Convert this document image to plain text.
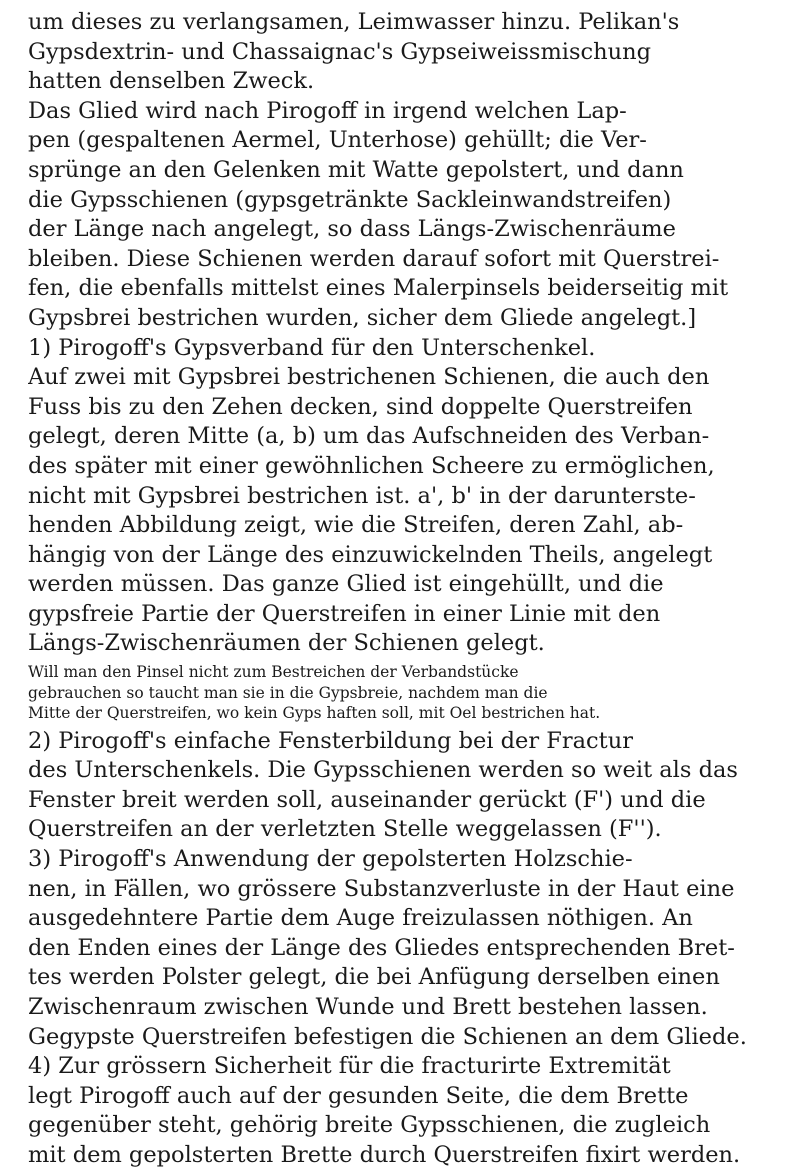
um dieses zu verlangsamen, Leimwasser hinzu. Pelikan's
Gypsdextrin- und Chassaignac's Gypseiweissmischung
hatten denselben Zweck.
Das Glied wird nach Pirogoff in irgend welchen Lap-
pen (gespaltenen Aermel, Unterhose) gehüllt; die Ver-
sprünge an den Gelenken mit Watte gepolstert, und dann
die Gypsschienen (gypsgetränkte Sackleinwandstreifen)
der Länge nach angelegt, so dass Längs-Zwischenräume
bleiben. Diese Schienen werden darauf sofort mit Querstrei-
fen, die ebenfalls mittelst eines Malerpinsels beiderseitig mit
Gypsbrei bestrichen wurden, sicher dem Gliede angelegt.]
1) Pirogoff's Gypsverband für den Unterschenkel.
Auf zwei mit Gypsbrei bestrichenen Schienen, die auch den
Fuss bis zu den Zehen decken, sind doppelte Querstreifen
gelegt, deren Mitte (a, b) um das Aufschneiden des Verban-
des später mit einer gewöhnlichen Scheere zu ermöglichen,
nicht mit Gypsbrei bestrichen ist. a', b' in der darunterste-
henden Abbildung zeigt, wie die Streifen, deren Zahl, ab-
hängig von der Länge des einzuwickelnden Theils, angelegt
werden müssen. Das ganze Glied ist eingehüllt, und die
gypsfreie Partie der Querstreifen in einer Linie mit den
Längs-Zwischenräumen der Schienen gelegt.
Will man den Pinsel nicht zum Bestreichen der Verbandstücke
gebrauchen so taucht man sie in die Gypsbreie, nachdem man die
Mitte der Querstreifen, wo kein Gyps haften soll, mit Oel bestrichen hat.
2) Pirogoff's einfache Fensterbildung bei der Fractur
des Unterschenkels. Die Gypsschienen werden so weit als das
Fenster breit werden soll, auseinander gerückt (F') und die
Querstreifen an der verletzten Stelle weggelassen (F'').
3) Pirogoff's Anwendung der gepolsterten Holzschie-
nen, in Fällen, wo grössere Substanzverluste in der Haut eine
ausgedehntere Partie dem Auge freizulassen nöthigen. An
den Enden eines der Länge des Gliedes entsprechenden Bret-
tes werden Polster gelegt, die bei Anfügung derselben einen
Zwischenraum zwischen Wunde und Brett bestehen lassen.
Gegypste Querstreifen befestigen die Schienen an dem Gliede.
4) Zur grössern Sicherheit für die fracturirte Extremität
legt Pirogoff auch auf der gesunden Seite, die dem Brette
gegenüber steht, gehörig breite Gypsschienen, die zugleich
mit dem gepolsterten Brette durch Querstreifen fixirt werden.
